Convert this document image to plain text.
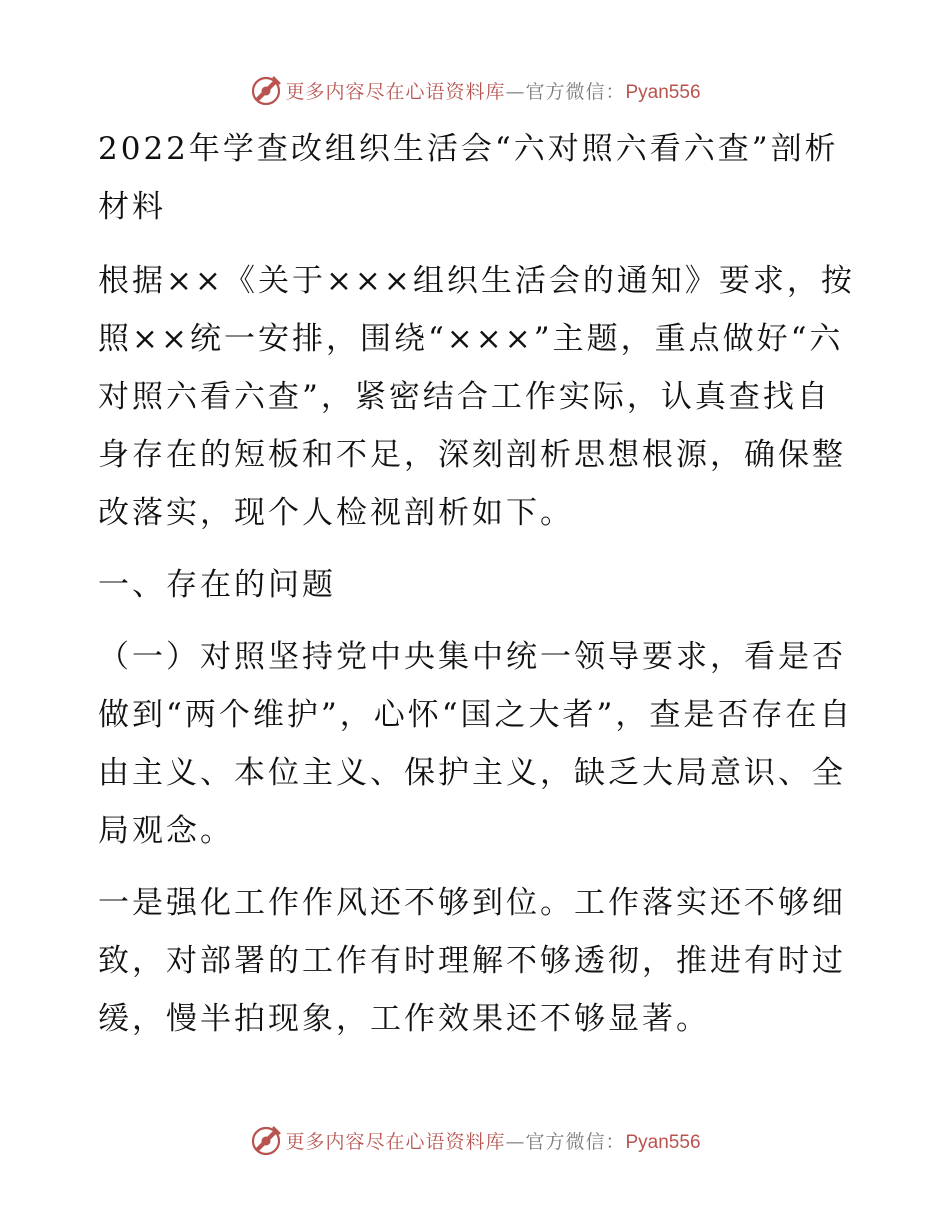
更多内容尽在心语资料库—官方微信：Pyan556

2022年学查改组织生活会“六对照六看六查”剖析材料

根据××《关于×××组织生活会的通知》要求，按照××统一安排，围绕“×××”主题，重点做好“六对照六看六查”，紧密结合工作实际，认真查找自身存在的短板和不足，深刻剖析思想根源，确保整改落实，现个人检视剖析如下。

一、存在的问题

（一）对照坚持党中央集中统一领导要求，看是否做到“两个维护”，心怀“国之大者”，查是否存在自由主义、本位主义、保护主义，缺乏大局意识、全局观念。

一是强化工作作风还不够到位。工作落实还不够细致，对部署的工作有时理解不够透彻，推进有时过缓，慢半拍现象，工作效果还不够显著。

更多内容尽在心语资料库—官方微信：Pyan556
